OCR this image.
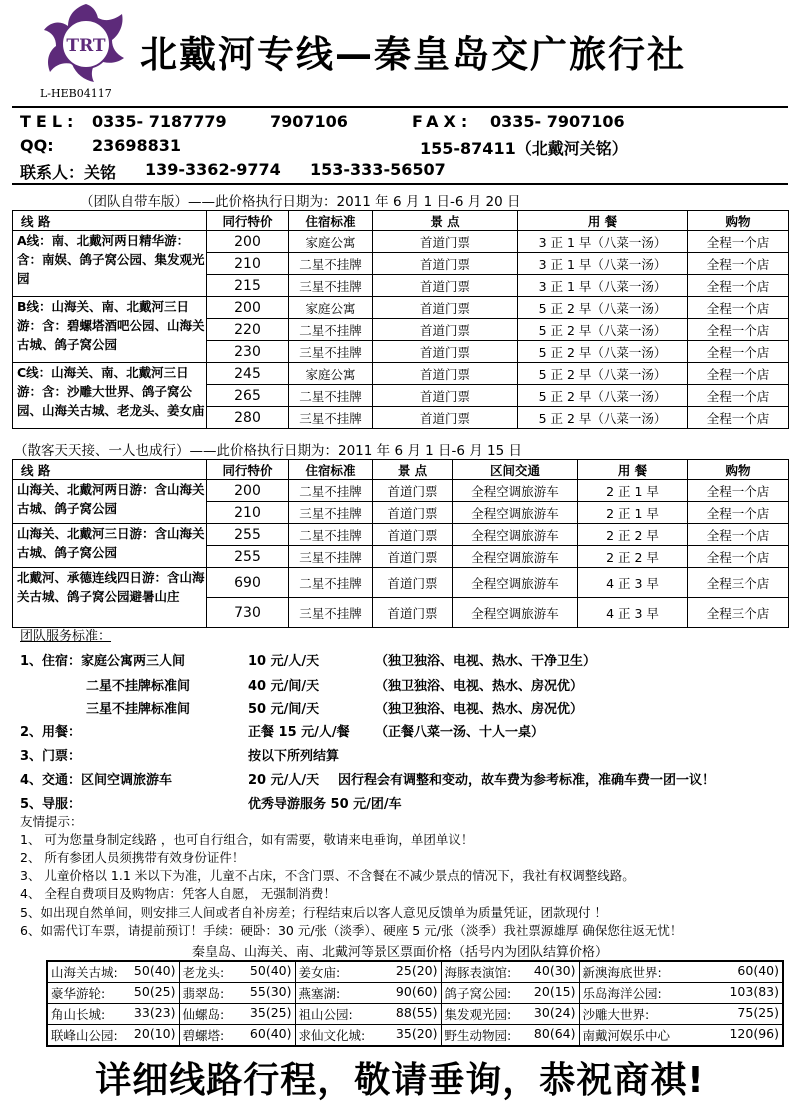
TRT
L-HEB04117
北戴河专线—秦皇岛交广旅行社
TEL: 0335- 7187779	7907106	FAX: 0335- 7907106
QQ: 23698831	155-87411（北戴河关铭）
联系人：关铭 139-3362-9774 153-333-56507
（团队自带车版）——此价格执行日期为：2011 年 6 月 1 日-6 月 20 日
线 路	同行特价	住宿标准	景 点	用 餐	购物
A线：南、北戴河两日精华游：含：南娱、鸽子窝公园、集发观光园	200	家庭公寓	首道门票	3 正 1 早（八菜一汤）	全程一个店
	210	二星不挂牌	首道门票	3 正 1 早（八菜一汤）	全程一个店
	215	三星不挂牌	首道门票	3 正 1 早（八菜一汤）	全程一个店
B线：山海关、南、北戴河三日游：含：碧螺塔酒吧公园、山海关古城、鸽子窝公园	200	家庭公寓	首道门票	5 正 2 早（八菜一汤）	全程一个店
	220	二星不挂牌	首道门票	5 正 2 早（八菜一汤）	全程一个店
	230	三星不挂牌	首道门票	5 正 2 早（八菜一汤）	全程一个店
C线：山海关、南、北戴河三日游：含：沙雕大世界、鸽子窝公园、山海关古城、老龙头、姜女庙	245	家庭公寓	首道门票	5 正 2 早（八菜一汤）	全程一个店
	265	二星不挂牌	首道门票	5 正 2 早（八菜一汤）	全程一个店
	280	三星不挂牌	首道门票	5 正 2 早（八菜一汤）	全程一个店
（散客天天接、一人也成行）——此价格执行日期为：2011 年 6 月 1 日-6 月 15 日
线 路	同行特价	住宿标准	景 点	区间交通	用 餐	购物
山海关、北戴河两日游：含山海关古城、鸽子窝公园	200	二星不挂牌	首道门票	全程空调旅游车	2 正 1 早	全程一个店
	210	三星不挂牌	首道门票	全程空调旅游车	2 正 1 早	全程一个店
山海关、北戴河三日游：含山海关古城、鸽子窝公园	255	二星不挂牌	首道门票	全程空调旅游车	2 正 2 早	全程一个店
	255	三星不挂牌	首道门票	全程空调旅游车	2 正 2 早	全程一个店
北戴河、承德连线四日游：含山海关古城、鸽子窝公园避暑山庄	690	二星不挂牌	首道门票	全程空调旅游车	4 正 3 早	全程三个店
	730	三星不挂牌	首道门票	全程空调旅游车	4 正 3 早	全程三个店
团队服务标准：
1、住宿：家庭公寓两三人间	10 元/人/天	（独卫独浴、电视、热水、干净卫生）
二星不挂牌标准间	40 元/间/天	（独卫独浴、电视、热水、房况优）
三星不挂牌标准间	50 元/间/天	（独卫独浴、电视、热水、房况优）
2、用餐：	正餐 15 元/人/餐 （正餐八菜一汤、十人一桌）
3、门票：	按以下所列结算
4、交通：区间空调旅游车	20 元/人/天 因行程会有调整和变动，故车费为参考标准，准确车费一团一议！
5、导服：	优秀导游服务 50 元/团/车
友情提示：
1、 可为您量身制定线路 ，也可自行组合，如有需要，敬请来电垂询，单团单议！
2、 所有参团人员须携带有效身份证件！
3、 儿童价格以 1.1 米以下为准，儿童不占床，不含门票、不含餐在不减少景点的情况下，我社有权调整线路。
4、 全程自费项目及购物店：凭客人自愿， 无强制消费！
5、如出现自然单间，则安排三人间或者自补房差；行程结束后以客人意见反馈单为质量凭证，团款现付 ！
6、如需代订车票，请提前预订！手续：硬卧：30 元/张（淡季）、硬座 5 元/张（淡季）我社票源雄厚 确保您往返无忧！
秦皇岛、山海关、南、北戴河等景区票面价格（括号内为团队结算价格）
山海关古城: 50(40)	老龙头: 50(40)	姜女庙: 25(20)	海豚表演馆: 40(30)	新澳海底世界: 60(40)

豪华游轮: 50(25)	翡翠岛: 55(30)	燕塞湖: 90(60)	鸽子窝公园: 20(15)	乐岛海洋公园: 103(83)

角山长城: 33(23)	仙螺岛: 35(25)	祖山公园: 88(55)	集发观光园: 30(24)	沙雕大世界: 75(25)

联峰山公园: 20(10)	碧螺塔: 60(40)	求仙文化城: 35(20)	野生动物园: 80(64)	南戴河娱乐中心 120(96)
详细线路行程，敬请垂询，恭祝商祺!
